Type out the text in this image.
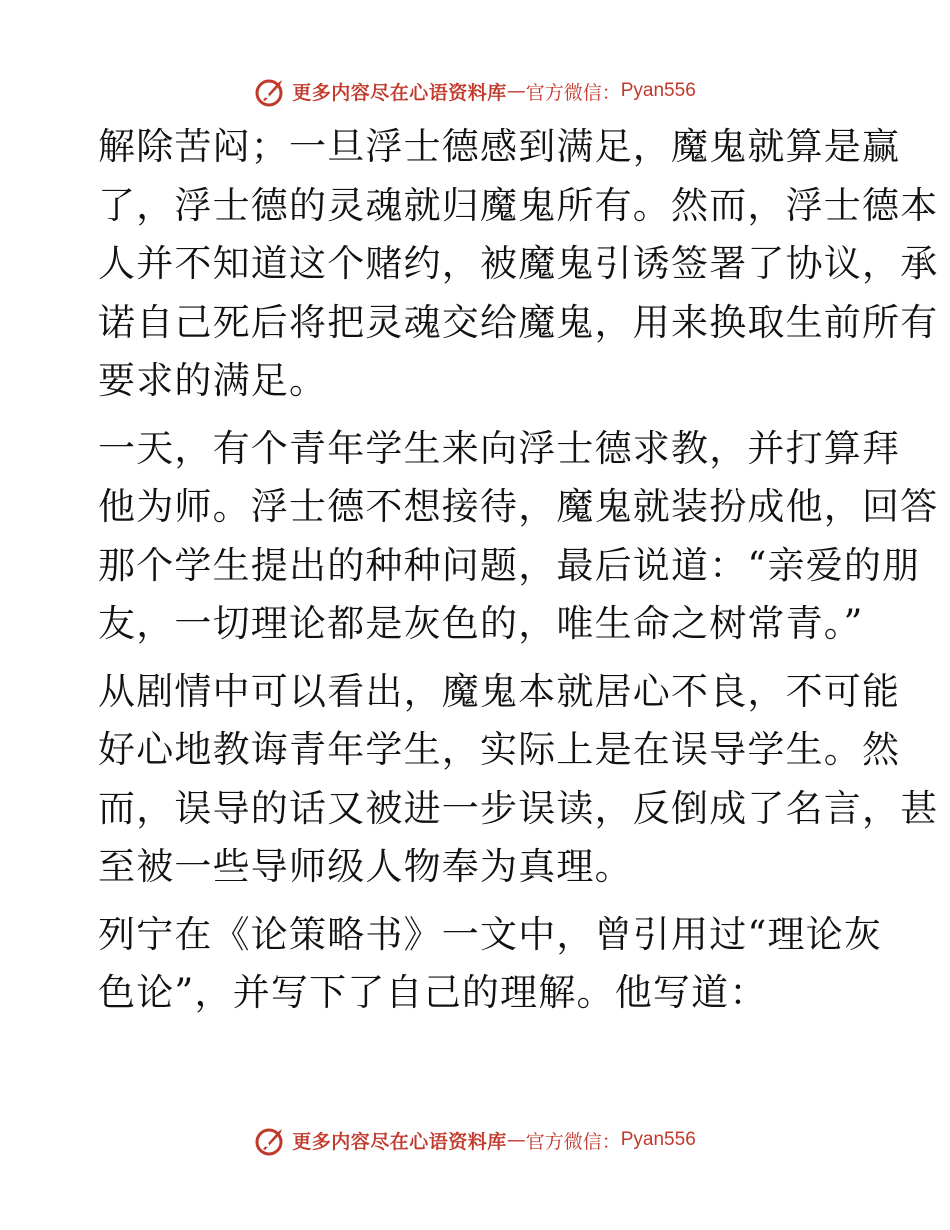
更多内容尽在心语资料库 — 官方微信： Pyan556
解除苦闷；一旦浮士德感到满足，魔鬼就算是赢
了，浮士德的灵魂就归魔鬼所有。然而，浮士德本
人并不知道这个赌约，被魔鬼引诱签署了协议，承
诺自己死后将把灵魂交给魔鬼，用来换取生前所有
要求的满足。
一天，有个青年学生来向浮士德求教，并打算拜
他为师。浮士德不想接待，魔鬼就装扮成他，回答
那个学生提出的种种问题，最后说道：“亲爱的朋
友，一切理论都是灰色的，唯生命之树常青。”
从剧情中可以看出，魔鬼本就居心不良，不可能
好心地教诲青年学生，实际上是在误导学生。然
而，误导的话又被进一步误读，反倒成了名言，甚
至被一些导师级人物奉为真理。
列宁在《论策略书》一文中，曾引用过“理论灰
色论”，并写下了自己的理解。他写道：
更多内容尽在心语资料库 — 官方微信： Pyan556
